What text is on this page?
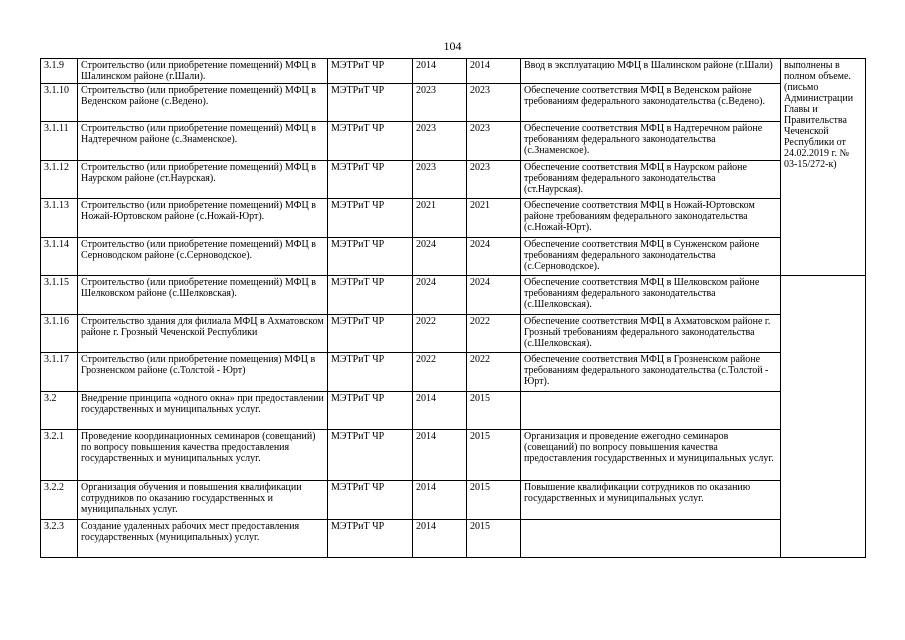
104
3.1.9	Строительство (или приобретение помещений) МФЦ в Шалинском районе (г.Шали).	МЭТРиТ ЧР	2014	2014	Ввод в эксплуатацию МФЦ в Шалинском районе (г.Шали)	выполнены в полном объеме. (письмо Администрации Главы и Правительства Чеченской Республики от 24.02.2019 г. № 03-15/272-к)
3.1.10	Строительство (или приобретение помещений) МФЦ в Веденском районе (с.Ведено).	МЭТРиТ ЧР	2023	2023	Обеспечение соответствия МФЦ в Веденском районе требованиям федерального законодательства (с.Ведено).	
3.1.11	Строительство (или приобретение помещений) МФЦ в Надтеречном районе (с.Знаменское).	МЭТРиТ ЧР	2023	2023	Обеспечение соответствия МФЦ в Надтеречном районе требованиям федерального законодательства (с.Знаменское).	
3.1.12	Строительство (или приобретение помещений) МФЦ в Наурском районе (ст.Наурская).	МЭТРиТ ЧР	2023	2023	Обеспечение соответствия МФЦ в Наурском районе требованиям федерального законодательства (ст.Наурская).	
3.1.13	Строительство (или приобретение помещений) МФЦ в Ножай-Юртовском районе (с.Ножай-Юрт).	МЭТРиТ ЧР	2021	2021	Обеспечение соответствия МФЦ в Ножай-Юртовском районе требованиям федерального законодательства (с.Ножай-Юрт).	
3.1.14	Строительство (или приобретение помещений) МФЦ в Серноводском районе (с.Серноводское).	МЭТРиТ ЧР	2024	2024	Обеспечение соответствия МФЦ в Сунженском районе требованиям федерального законодательства (с.Серноводское).	
3.1.15	Строительство (или приобретение помещений) МФЦ в Шелковском районе (с.Шелковская).	МЭТРиТ ЧР	2024	2024	Обеспечение соответствия МФЦ в Шелковском районе требованиям федерального законодательства (с.Шелковская).	
3.1.16	Строительство здания для филиала МФЦ в Ахматовском районе г. Грозный Чеченской Республики	МЭТРиТ ЧР	2022	2022	Обеспечение соответствия МФЦ в Ахматовском районе г. Грозный требованиям федерального законодательства (с.Шелковская).	
3.1.17	Строительство (или приобретение помещения) МФЦ в Грозненском районе (с.Толстой - Юрт)	МЭТРиТ ЧР	2022	2022	Обеспечение соответствия МФЦ в Грозненском районе требованиям федерального законодательства (с.Толстой - Юрт).	
3.2	Внедрение принципа «одного окна» при предоставлении государственных и муниципальных услуг.	МЭТРиТ ЧР	2014	2015		
3.2.1	Проведение координационных семинаров (совещаний) по вопросу повышения качества предоставления государственных и муниципальных услуг.	МЭТРиТ ЧР	2014	2015	Организация и проведение ежегодно семинаров (совещаний) по вопросу повышения качества предоставления государственных и муниципальных услуг.	
3.2.2	Организация обучения и повышения квалификации сотрудников по оказанию государственных и муниципальных услуг.	МЭТРиТ ЧР	2014	2015	Повышение квалификации сотрудников по оказанию государственных и муниципальных услуг.	
3.2.3	Создание удаленных рабочих мест предоставления государственных (муниципальных) услуг.	МЭТРиТ ЧР	2014	2015		
